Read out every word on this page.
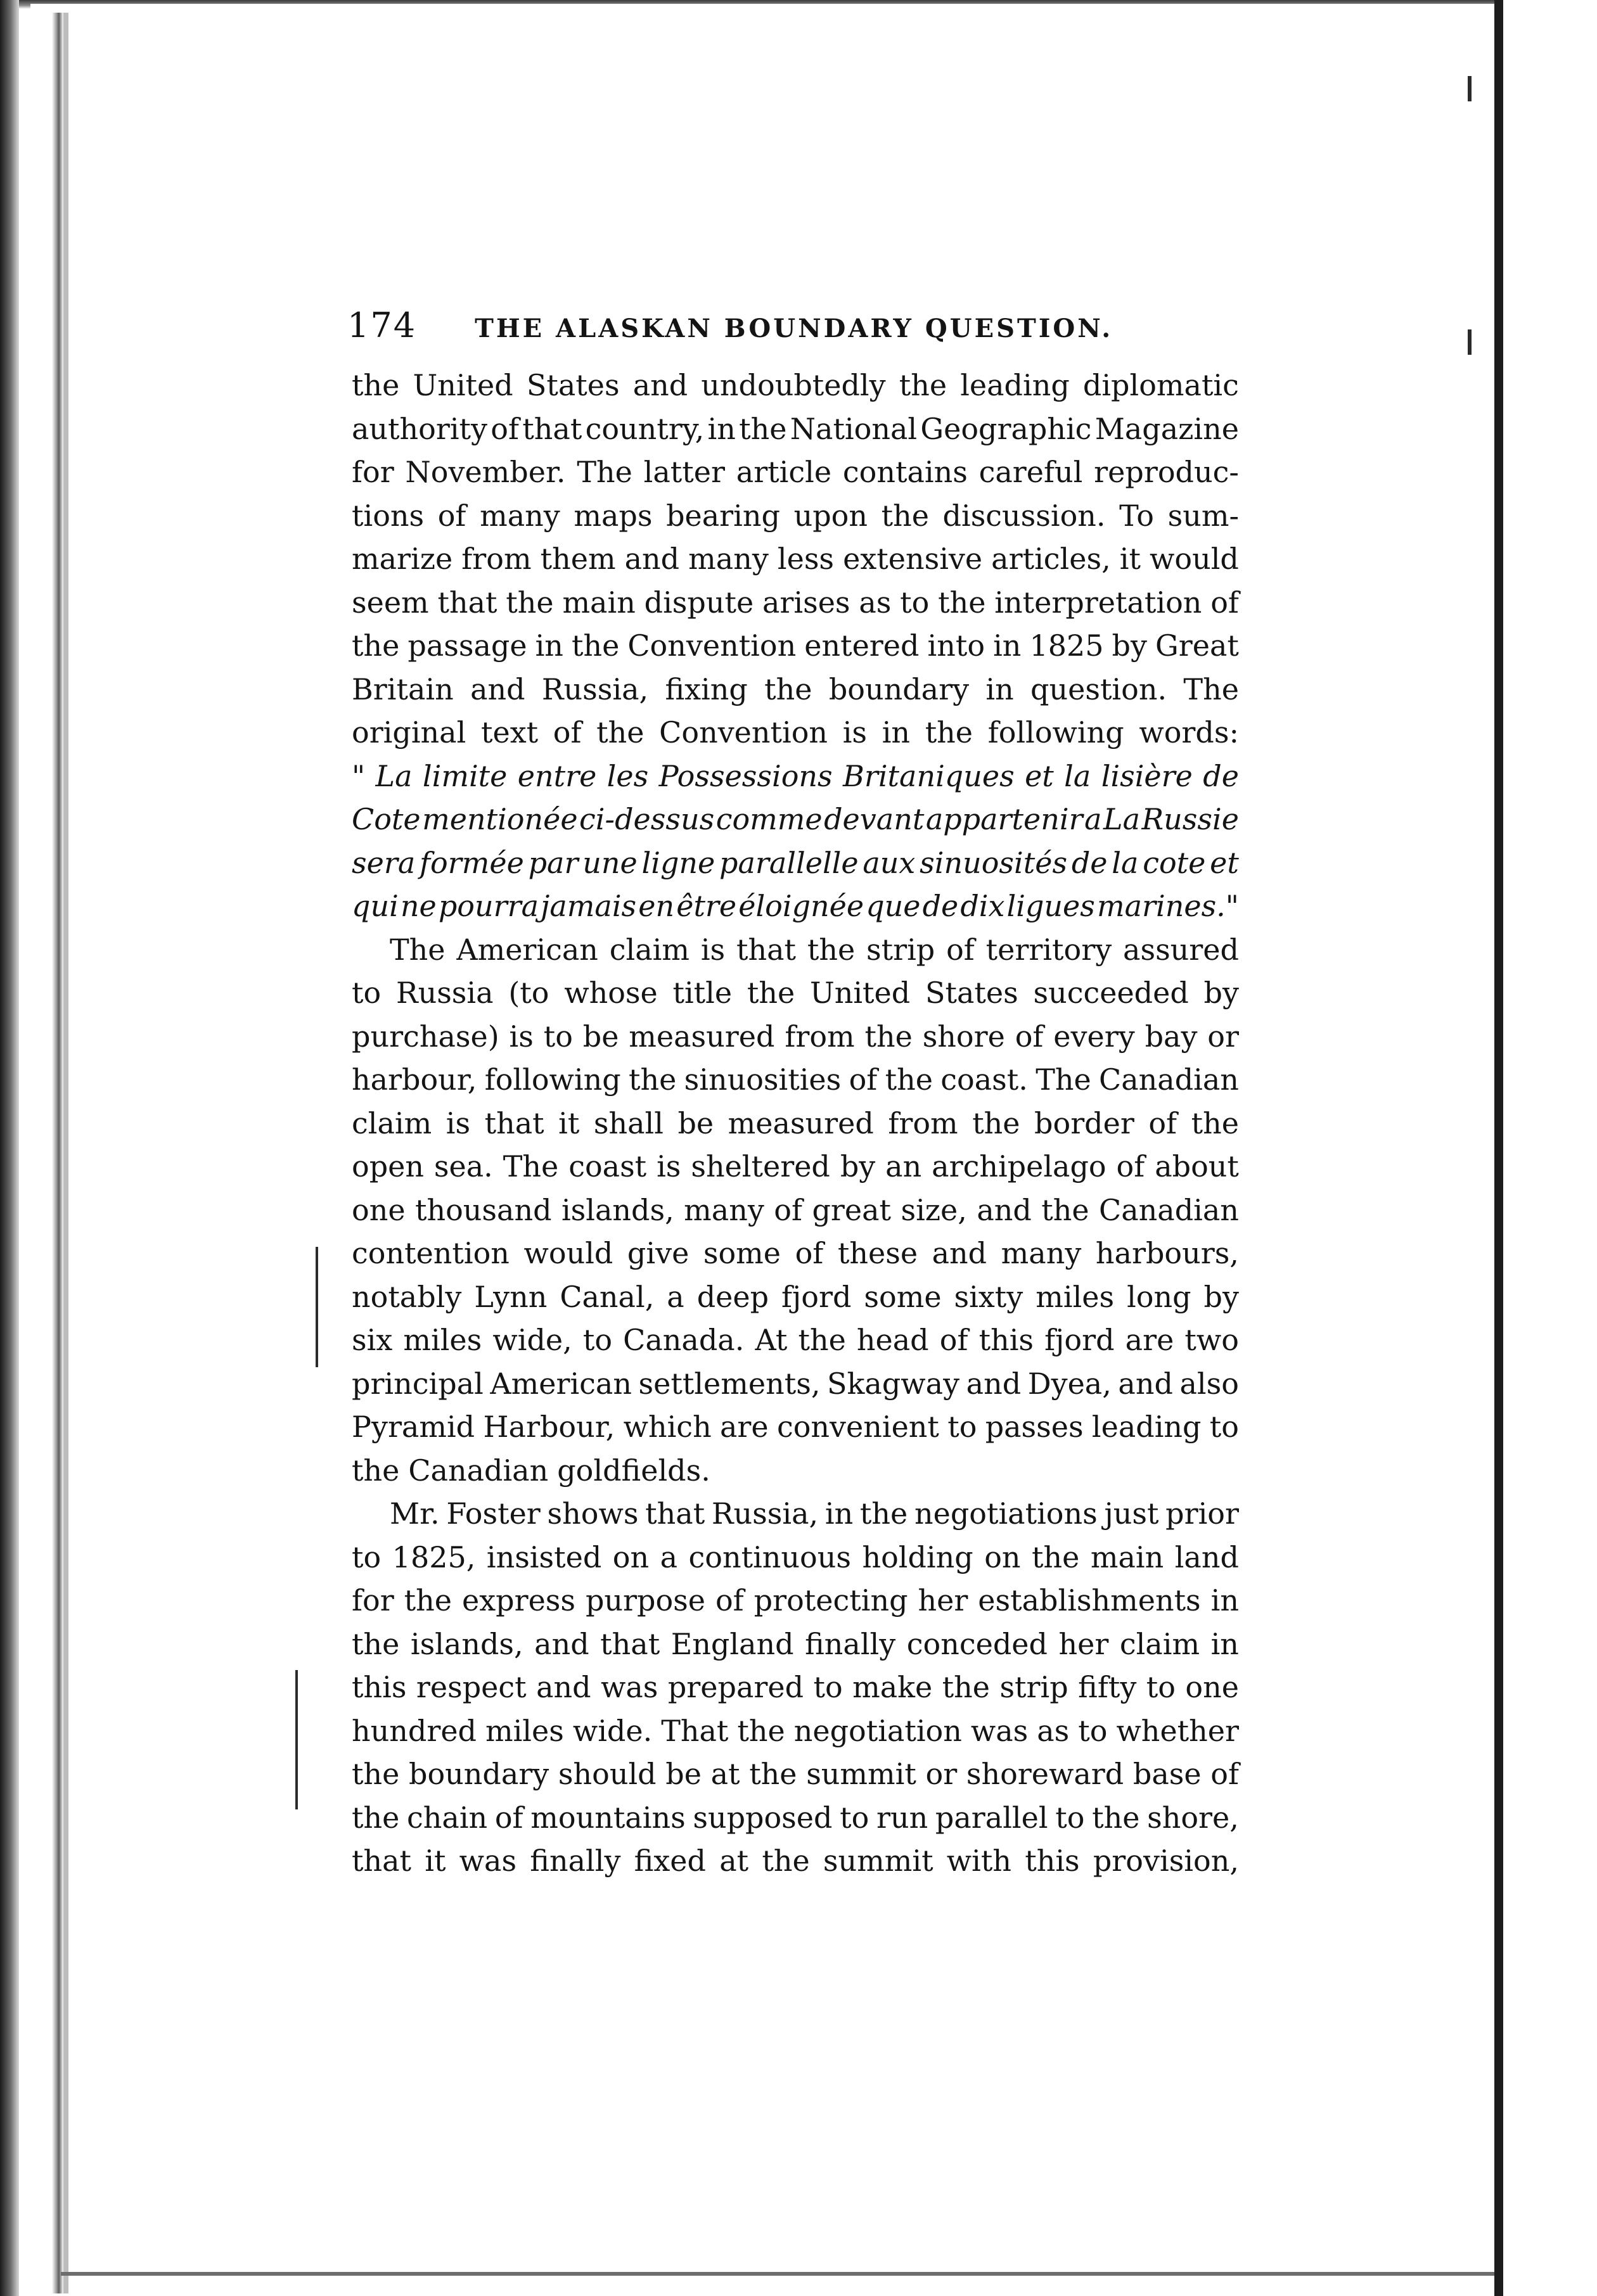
174 THE ALASKAN BOUNDARY QUESTION.
the United States and undoubtedly the leading diplomatic
authority of that country, in the National Geographic Magazine
for November. The latter article contains careful reproduc-
tions of many maps bearing upon the discussion. To sum-
marize from them and many less extensive articles, it would
seem that the main dispute arises as to the interpretation of
the passage in the Convention entered into in 1825 by Great
Britain and Russia, fixing the boundary in question. The
original text of the Convention is in the following words:
" La limite entre les Possessions Britaniques et la lisière de
Cote mentionée ci-dessus comme devant appartenir a La Russie
sera formée par une ligne parallelle aux sinuosités de la cote et
qui ne pourra jamais en être éloignée que de dix ligues marines."
The American claim is that the strip of territory assured
to Russia (to whose title the United States succeeded by
purchase) is to be measured from the shore of every bay or
harbour, following the sinuosities of the coast. The Canadian
claim is that it shall be measured from the border of the
open sea. The coast is sheltered by an archipelago of about
one thousand islands, many of great size, and the Canadian
contention would give some of these and many harbours,
notably Lynn Canal, a deep fjord some sixty miles long by
six miles wide, to Canada. At the head of this fjord are two
principal American settlements, Skagway and Dyea, and also
Pyramid Harbour, which are convenient to passes leading to
the Canadian goldfields.
Mr. Foster shows that Russia, in the negotiations just prior
to 1825, insisted on a continuous holding on the main land
for the express purpose of protecting her establishments in
the islands, and that England finally conceded her claim in
this respect and was prepared to make the strip fifty to one
hundred miles wide. That the negotiation was as to whether
the boundary should be at the summit or shoreward base of
the chain of mountains supposed to run parallel to the shore,
that it was finally fixed at the summit with this provision,
